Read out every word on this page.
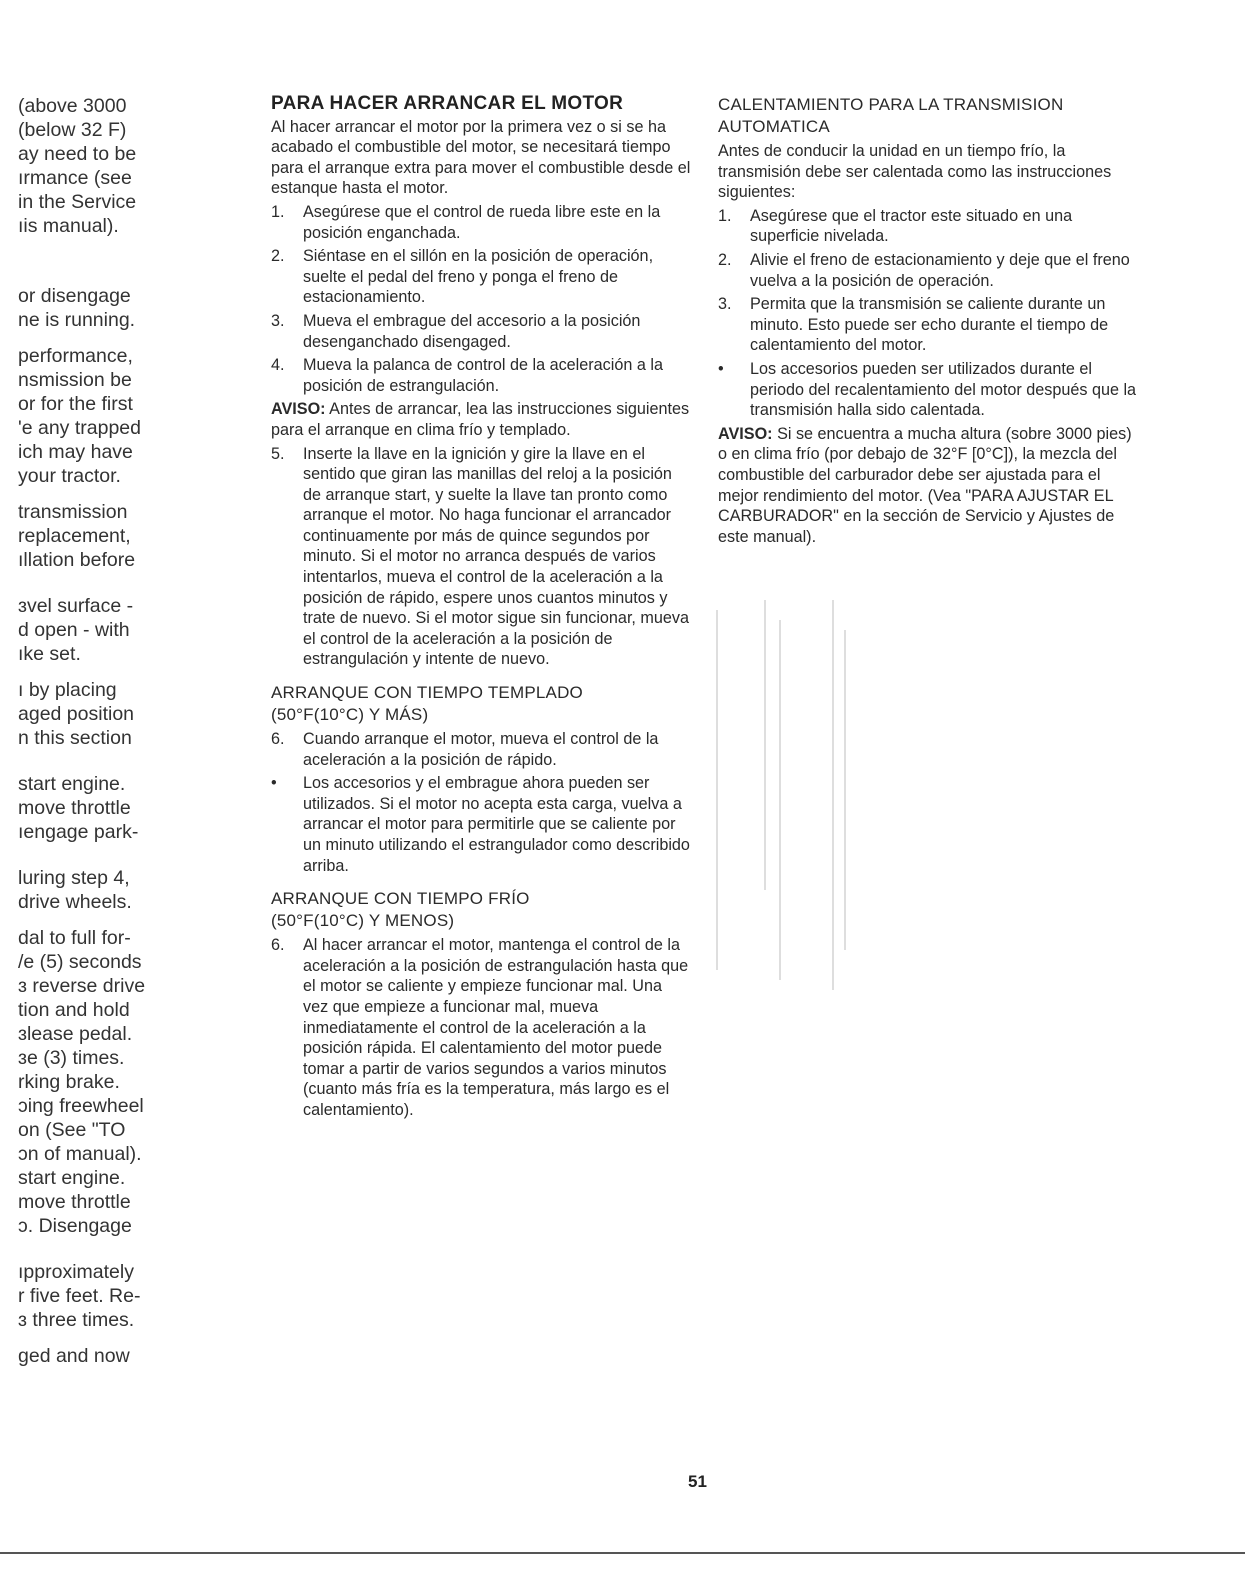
(above 3000
(below 32 F)
ay need to be
ırmance (see
in the Service
ıis manual).
or disengage
ne is running.
performance,
nsmission be
or for the first
'e any trapped
ich may have
your tractor.
transmission
replacement,
ıllation before
ɜvel surface -
d open - with
ıke set.
ı by placing
aged position
n this section
start engine.
move throttle
ıengage park-
luring step 4,
drive wheels.
dal to full for-
/e (5) seconds
ɜ reverse drive
tion and hold
ɜlease pedal.
ɜe (3) times.
rking brake.
ɔing freewheel
on (See "TO
ɔn of manual).
start engine.
move throttle
ɔ. Disengage
ıpproximately
r five feet. Re-
ɜ three times.
ged and now
PARA HACER ARRANCAR EL MOTOR

Al hacer arrancar el motor por la primera vez o si se ha acabado el combustible del motor, se necesitará tiempo para el arranque extra para mover el combustible desde el estanque hasta el motor.

1.	Asegúrese que el control de rueda libre este en la posición enganchada.
2.	Siéntase en el sillón en la posición de operación, suelte el pedal del freno y ponga el freno de estacionamiento.
3.	Mueva el embrague del accesorio a la posición desenganchado disengaged.
4.	Mueva la palanca de control de la aceleración a la posición de estrangulación.

AVISO: Antes de arrancar, lea las instrucciones siguientes para el arranque en clima frío y templado.

5.	Inserte la llave en la ignición y gire la llave en el sentido que giran las manillas del reloj a la posición de arranque start, y suelte la llave tan pronto como arranque el motor. No haga funcionar el arrancador continuamente por más de quince segundos por minuto. Si el motor no arranca después de varios intentarlos, mueva el control de la aceleración a la posición de rápido, espere unos cuantos minutos y trate de nuevo. Si el motor sigue sin funcionar, mueva el control de la aceleración a la posición de estrangulación y intente de nuevo.
ARRANQUE CON TIEMPO TEMPLADO
(50°F(10°C) Y MÁS)
6.	Cuando arranque el motor, mueva el control de la aceleración a la posición de rápido.
•	Los accesorios y el embrague ahora pueden ser utilizados. Si el motor no acepta esta carga, vuelva a arrancar el motor para permitirle que se caliente por un minuto utilizando el estrangulador como describido arriba.
ARRANQUE CON TIEMPO FRÍO
(50°F(10°C) Y MENOS)
6.	Al hacer arrancar el motor, mantenga el control de la aceleración a la posición de estrangulación hasta que el motor se caliente y empieze funcionar mal. Una vez que empieze a funcionar mal, mueva inmediatamente el control de la aceleración a la posición rápida. El calentamiento del motor puede tomar a partir de varios segundos a varios minutos (cuanto más fría es la temperatura, más largo es el calentamiento).
CALENTAMIENTO PARA LA TRANSMISION
AUTOMATICA

Antes de conducir la unidad en un tiempo frío, la transmisión debe ser calentada como las instrucciones siguientes:

1.	Asegúrese que el tractor este situado en una superficie nivelada.
2.	Alivie el freno de estacionamiento y deje que el freno vuelva a la posición de operación.
3.	Permita que la transmisión se caliente durante un minuto. Esto puede ser echo durante el tiempo de calentamiento del motor.
•	Los accesorios pueden ser utilizados durante el periodo del recalentamiento del motor después que la transmisión halla sido calentada.

AVISO: Si se encuentra a mucha altura (sobre 3000 pies) o en clima frío (por debajo de 32°F [0°C]), la mezcla del combustible del carburador debe ser ajustada para el mejor rendimiento del motor. (Vea "PARA AJUSTAR EL CARBURADOR" en la sección de Servicio y Ajustes de este manual).

51
